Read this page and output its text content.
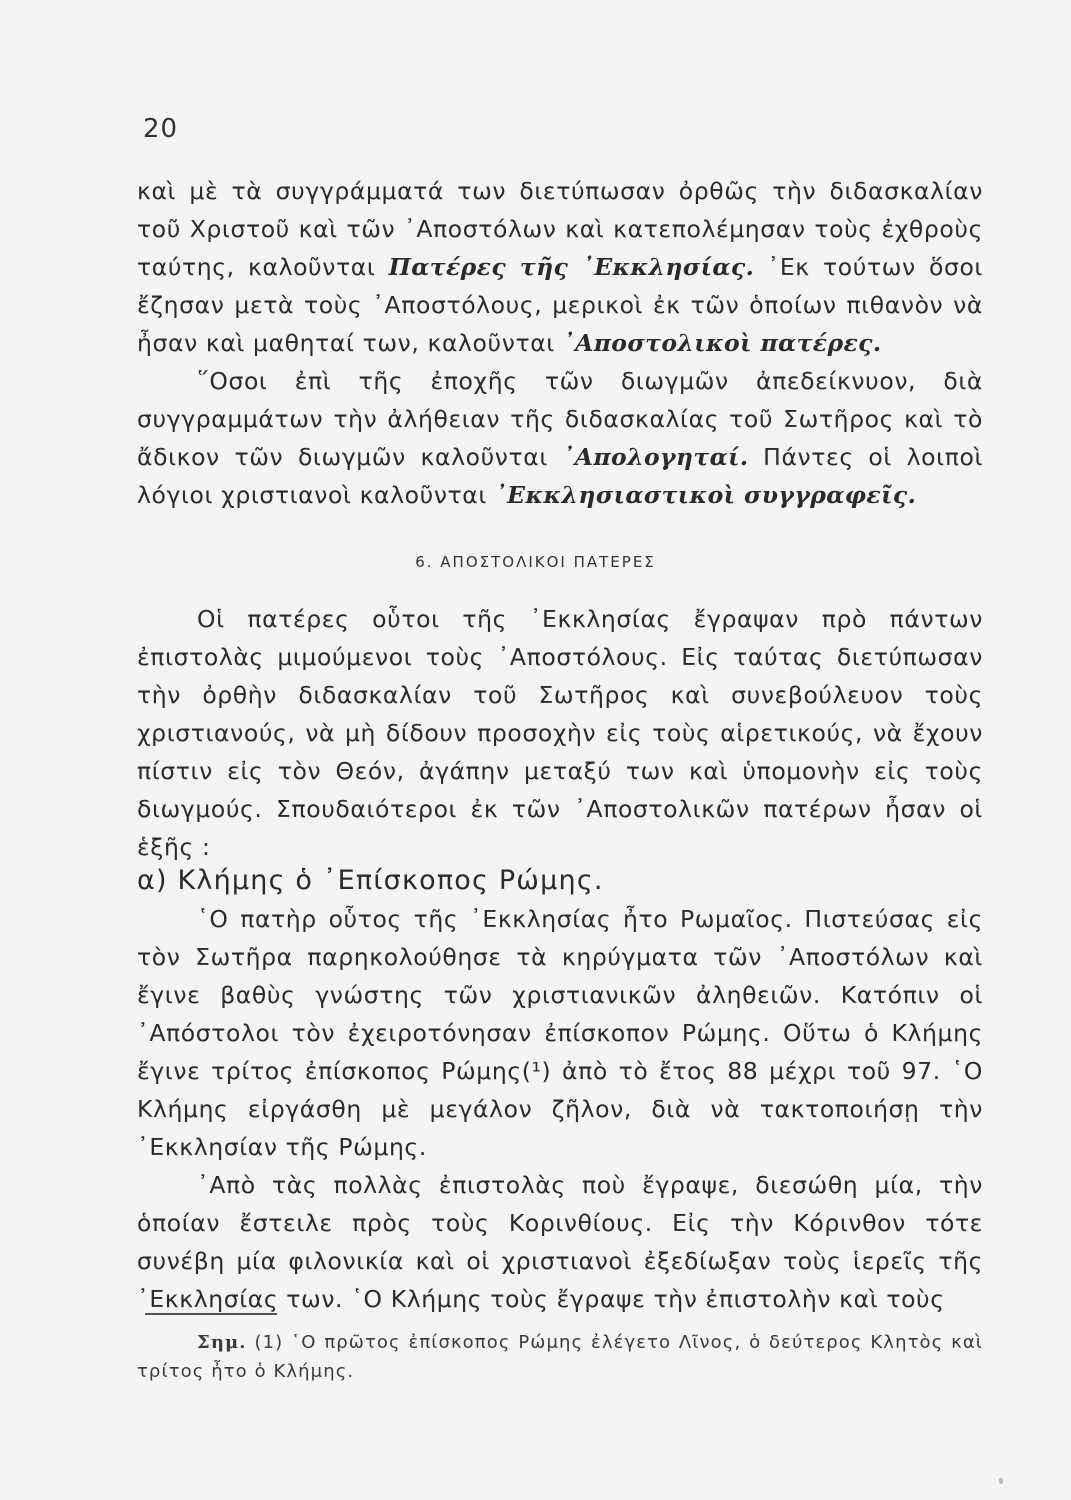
20

καὶ μὲ τὰ συγγράμματά των διετύπωσαν ὀρθῶς τὴν διδασκαλίαν τοῦ Χριστοῦ καὶ τῶν ᾿Αποστόλων καὶ κατεπολέμησαν τοὺς ἐχθροὺς ταύτης, καλοῦνται Πατέρες τῆς ᾿Εκκλησίας. ᾿Εκ τούτων ὅσοι ἔζησαν μετὰ τοὺς ᾿Αποστόλους, μερικοὶ ἐκ τῶν ὁποίων πιθανὸν νὰ ἦσαν καὶ μαθηταί των, καλοῦνται ᾿Αποστολικοὶ πατέρες.

῞Οσοι ἐπὶ τῆς ἐποχῆς τῶν διωγμῶν ἀπεδείκνυον, διὰ συγγραμμάτων τὴν ἀλήθειαν τῆς διδασκαλίας τοῦ Σωτῆρος καὶ τὸ ἄδικον τῶν διωγμῶν καλοῦνται ᾿Απολογηταί. Πάντες οἱ λοιποὶ λόγιοι χριστιανοὶ καλοῦνται ᾿Εκκλησιαστικοὶ συγγραφεῖς.

6. ΑΠΟΣΤΟΛΙΚΟΙ ΠΑΤΕΡΕΣ

Οἱ πατέρες οὗτοι τῆς ᾿Εκκλησίας ἔγραψαν πρὸ πάντων ἐπιστολὰς μιμούμενοι τοὺς ᾿Αποστόλους. Εἰς ταύτας διετύπωσαν τὴν ὀρθὴν διδασκαλίαν τοῦ Σωτῆρος καὶ συνεβούλευον τοὺς χριστιανούς, νὰ μὴ δίδουν προσοχὴν εἰς τοὺς αἱρετικούς, νὰ ἔχουν πίστιν εἰς τὸν Θεόν, ἀγάπην μεταξύ των καὶ ὑπομονὴν εἰς τοὺς διωγμούς. Σπουδαιότεροι ἐκ τῶν ᾿Αποστολικῶν πατέρων ἦσαν οἱ ἑξῆς :

α) Κλήμης ὁ ᾿Επίσκοπος Ρώμης.

῾Ο πατὴρ οὗτος τῆς ᾿Εκκλησίας ἦτο Ρωμαῖος. Πιστεύσας εἰς τὸν Σωτῆρα παρηκολούθησε τὰ κηρύγματα τῶν ᾿Αποστόλων καὶ ἔγινε βαθὺς γνώστης τῶν χριστιανικῶν ἀληθειῶν. Κατόπιν οἱ ᾿Απόστολοι τὸν ἐχειροτόνησαν ἐπίσκοπον Ρώμης. Οὕτω ὁ Κλήμης ἔγινε τρίτος ἐπίσκοπος Ρώμης(¹) ἀπὸ τὸ ἔτος 88 μέχρι τοῦ 97. ῾Ο Κλήμης εἰργάσθη μὲ μεγάλον ζῆλον, διὰ νὰ τακτοποιήσῃ τὴν ᾿Εκκλησίαν τῆς Ρώμης.

᾿Απὸ τὰς πολλὰς ἐπιστολὰς ποὺ ἔγραψε, διεσώθη μία, τὴν ὁποίαν ἔστειλε πρὸς τοὺς Κορινθίους. Εἰς τὴν Κόρινθον τότε συνέβη μία φιλονικία καὶ οἱ χριστιανοὶ ἐξεδίωξαν τοὺς ἱερεῖς τῆς ᾿Εκκλησίας των. ῾Ο Κλήμης τοὺς ἔγραψε τὴν ἐπιστολὴν καὶ τοὺς

Σημ. (1) ῾Ο πρῶτος ἐπίσκοπος Ρώμης ἐλέγετο Λῖνος, ὁ δεύτερος Κλητὸς καὶ τρίτος ἦτο ὁ Κλήμης.
